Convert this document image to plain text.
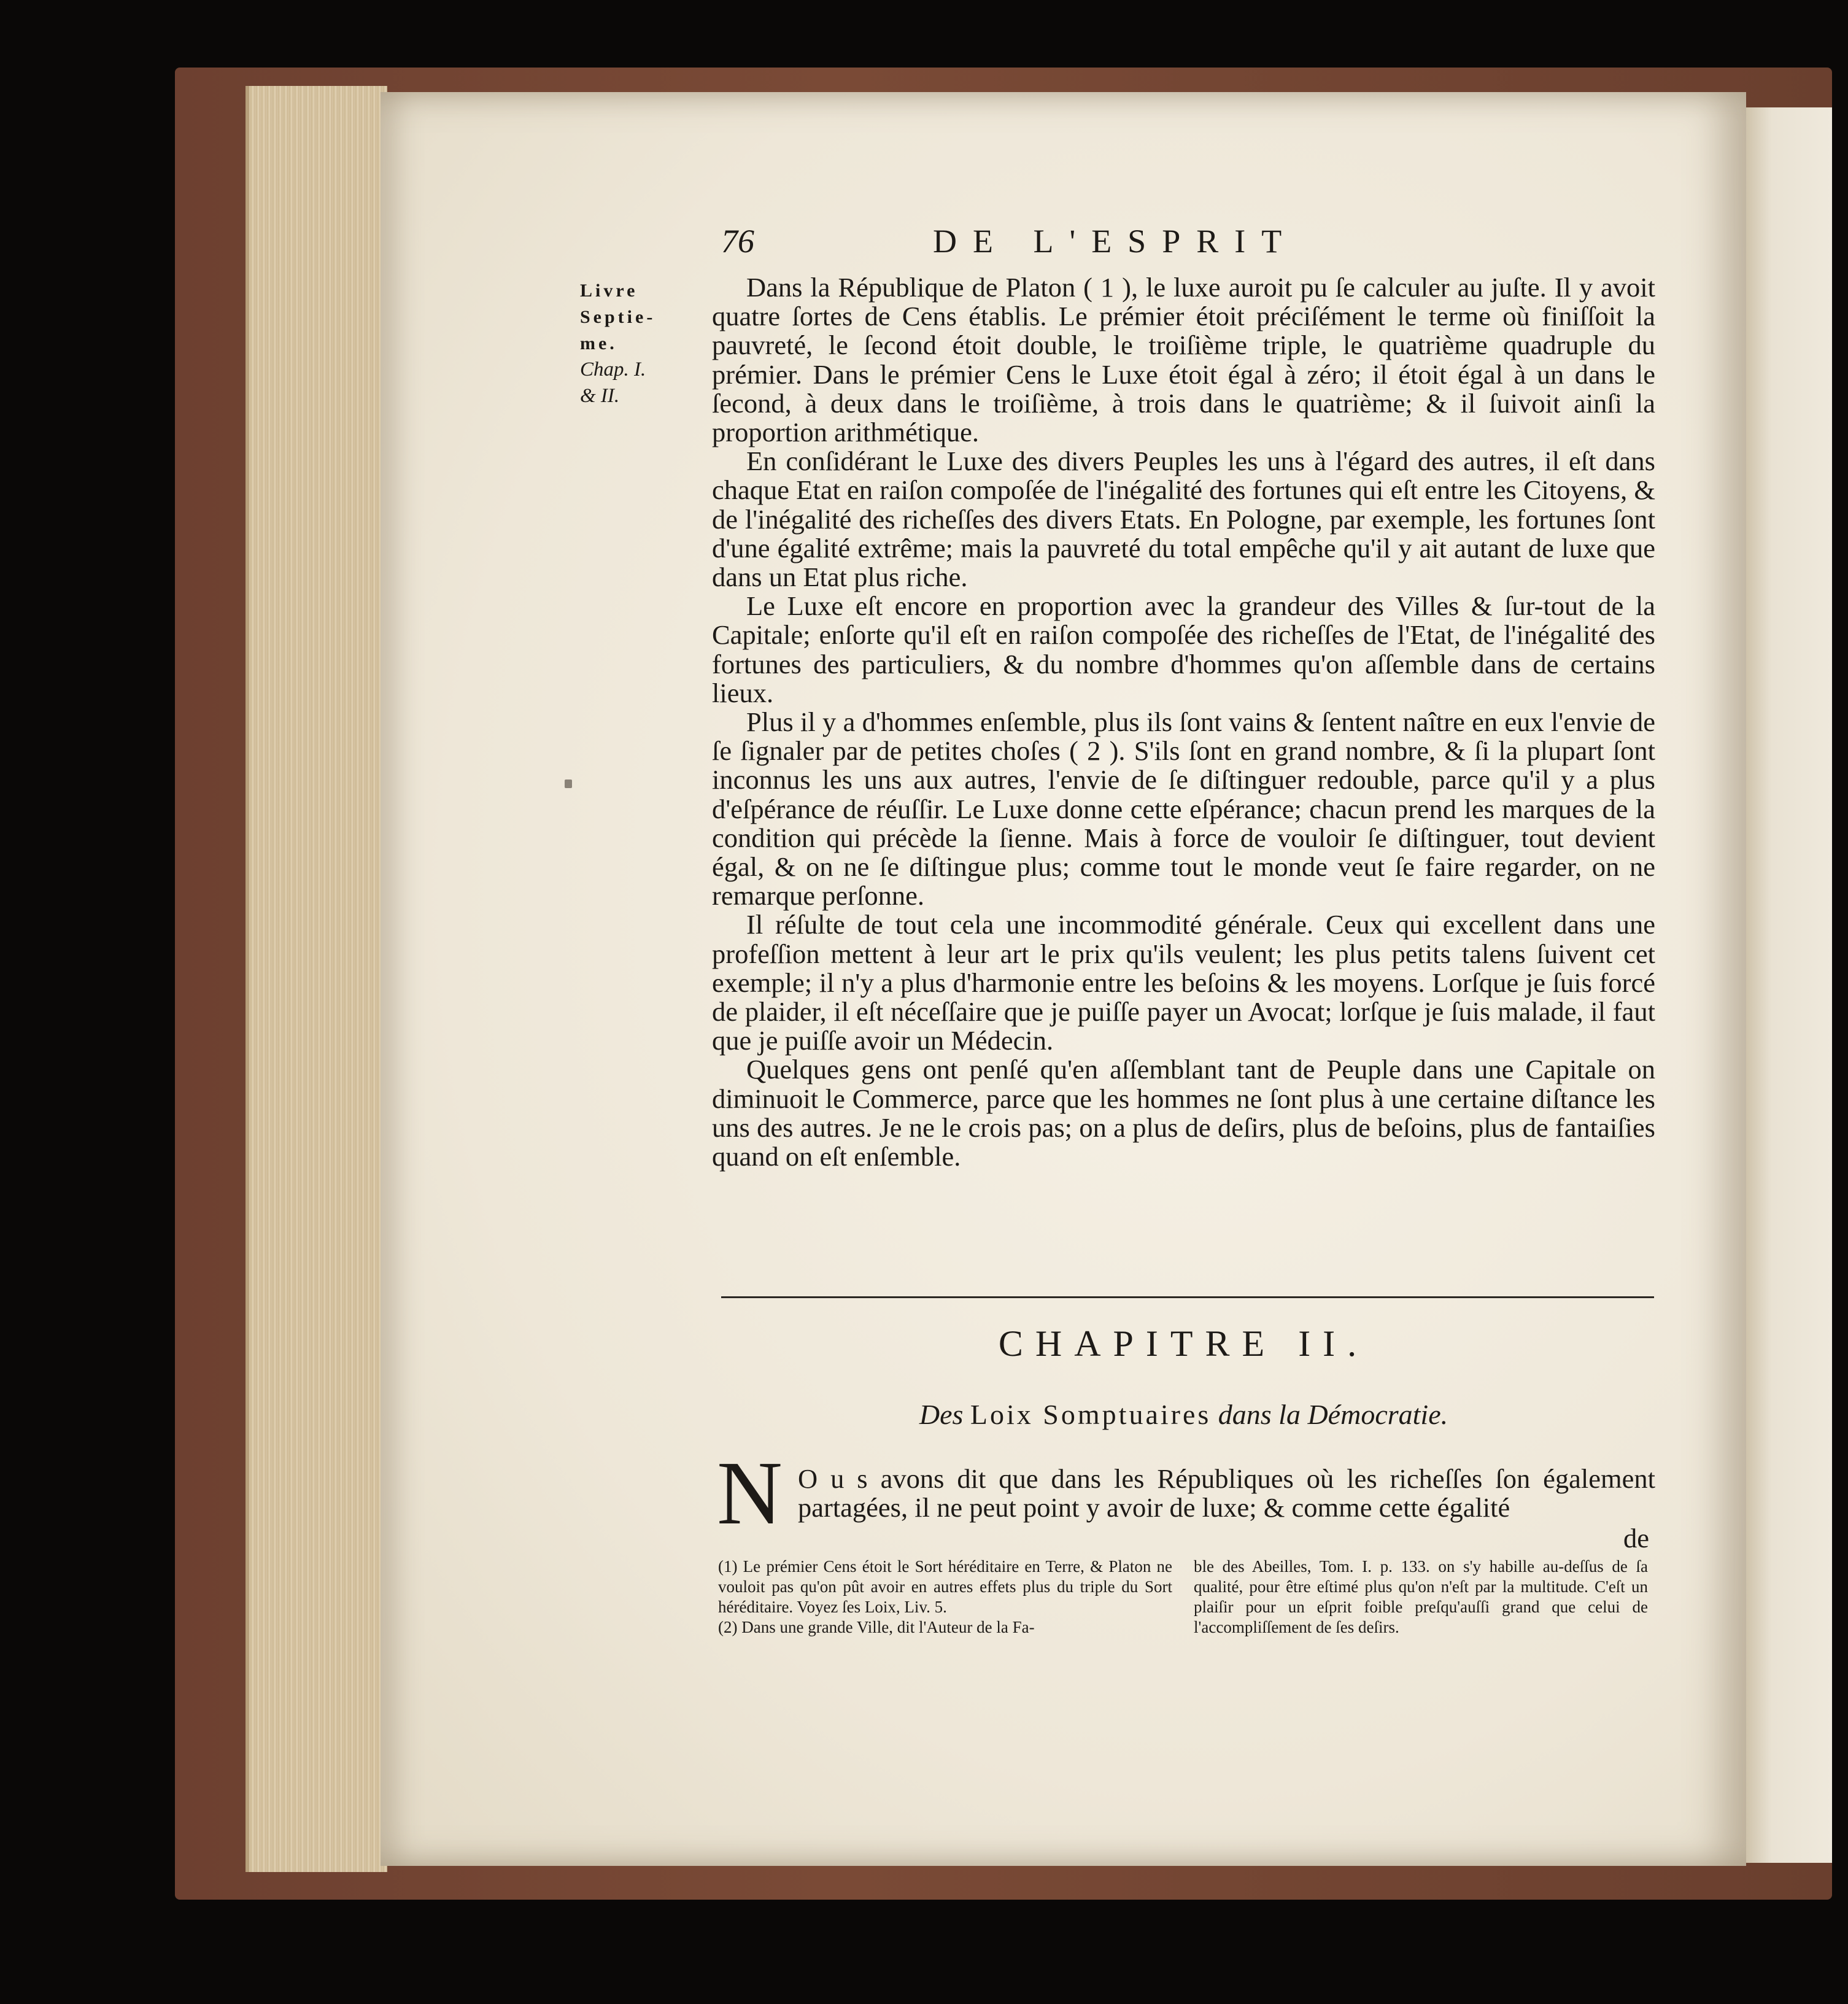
76	DE L'ESPRIT
Livre
Septie-
me.
Chap. I.
& II.

Dans la République de Platon ( 1 ), le luxe auroit pu ſe calculer au juſte. Il y avoit quatre ſortes de Cens établis. Le prémier étoit préciſément le terme où finiſſoit la pauvreté, le ſecond étoit double, le troiſième triple, le quatrième quadruple du prémier. Dans le prémier Cens le Luxe étoit égal à zéro; il étoit égal à un dans le ſecond, à deux dans le troiſième, à trois dans le quatrième; & il ſuivoit ainſi la proportion arithmétique.

En conſidérant le Luxe des divers Peuples les uns à l'égard des autres, il eſt dans chaque Etat en raiſon compoſée de l'inégalité des fortunes qui eſt entre les Citoyens, & de l'inégalité des richeſſes des divers Etats. En Pologne, par exemple, les fortunes ſont d'une égalité extrême; mais la pauvreté du total empêche qu'il y ait autant de luxe que dans un Etat plus riche.

Le Luxe eſt encore en proportion avec la grandeur des Villes & ſur-tout de la Capitale; enſorte qu'il eſt en raiſon compoſée des richeſſes de l'Etat, de l'inégalité des fortunes des particuliers, & du nombre d'hommes qu'on aſſemble dans de certains lieux.

Plus il y a d'hommes enſemble, plus ils ſont vains & ſentent naître en eux l'envie de ſe ſignaler par de petites choſes ( 2 ). S'ils ſont en grand nombre, & ſi la plupart ſont inconnus les uns aux autres, l'envie de ſe diſtinguer redouble, parce qu'il y a plus d'eſpérance de réuſſir. Le Luxe donne cette eſpérance; chacun prend les marques de la condition qui précède la ſienne. Mais à force de vouloir ſe diſtinguer, tout devient égal, & on ne ſe diſtingue plus; comme tout le monde veut ſe faire regarder, on ne remarque perſonne.

Il réſulte de tout cela une incommodité générale. Ceux qui excellent dans une profeſſion mettent à leur art le prix qu'ils veulent; les plus petits talens ſuivent cet exemple; il n'y a plus d'harmonie entre les beſoins & les moyens. Lorſque je ſuis forcé de plaider, il eſt néceſſaire que je puiſſe payer un Avocat; lorſque je ſuis malade, il faut que je puiſſe avoir un Médecin.

Quelques gens ont penſé qu'en aſſemblant tant de Peuple dans une Capitale on diminuoit le Commerce, parce que les hommes ne ſont plus à une certaine diſtance les uns des autres. Je ne le crois pas; on a plus de deſirs, plus de beſoins, plus de fantaiſies quand on eſt enſemble.

CHAPITRE II.
Des Loix Somptuaires dans la Démocratie.
N O u s avons dit que dans les Républiques où les richeſſes ſon également partagées, il ne peut point y avoir de luxe; & comme cette égalité
de

(1) Le prémier Cens étoit le Sort héréditaire en Terre, & Platon ne vouloit pas qu'on pût avoir en autres effets plus du triple du Sort héréditaire. Voyez ſes Loix, Liv. 5.

(2) Dans une grande Ville, dit l'Auteur de la Fa-

ble des Abeilles, Tom. I. p. 133. on s'y habille au-deſſus de ſa qualité, pour être eſtimé plus qu'on n'eſt par la multitude. C'eſt un plaiſir pour un eſprit foible preſqu'auſſi grand que celui de l'accompliſſement de ſes deſirs.
